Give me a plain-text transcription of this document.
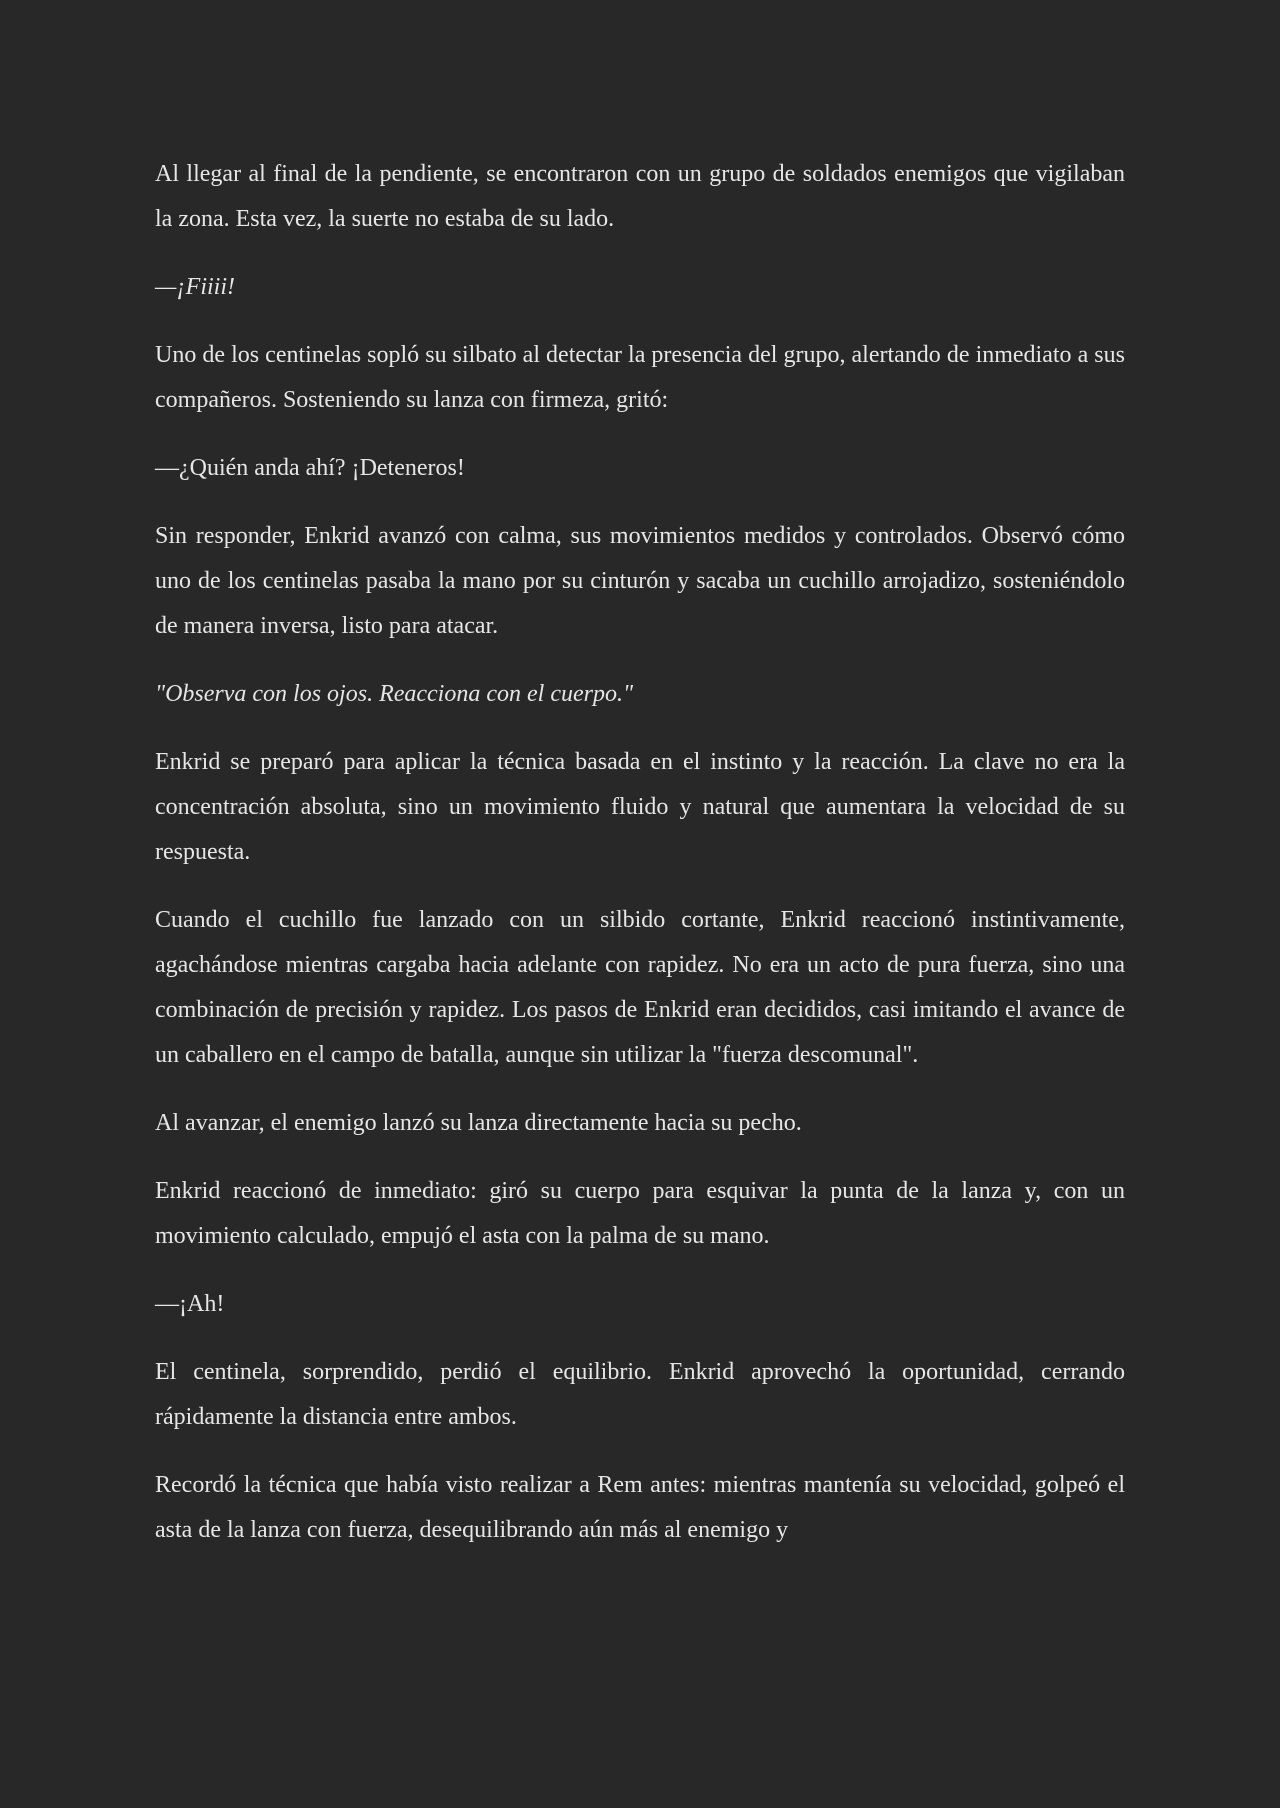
Al llegar al final de la pendiente, se encontraron con un grupo de soldados enemigos que vigilaban la zona. Esta vez, la suerte no estaba de su lado.

—¡Fiiii!

Uno de los centinelas sopló su silbato al detectar la presencia del grupo, alertando de inmediato a sus compañeros. Sosteniendo su lanza con firmeza, gritó:

—¿Quién anda ahí? ¡Deteneros!

Sin responder, Enkrid avanzó con calma, sus movimientos medidos y controlados. Observó cómo uno de los centinelas pasaba la mano por su cinturón y sacaba un cuchillo arrojadizo, sosteniéndolo de manera inversa, listo para atacar.

"Observa con los ojos. Reacciona con el cuerpo."

Enkrid se preparó para aplicar la técnica basada en el instinto y la reacción. La clave no era la concentración absoluta, sino un movimiento fluido y natural que aumentara la velocidad de su respuesta.

Cuando el cuchillo fue lanzado con un silbido cortante, Enkrid reaccionó instintivamente, agachándose mientras cargaba hacia adelante con rapidez. No era un acto de pura fuerza, sino una combinación de precisión y rapidez. Los pasos de Enkrid eran decididos, casi imitando el avance de un caballero en el campo de batalla, aunque sin utilizar la "fuerza descomunal".

Al avanzar, el enemigo lanzó su lanza directamente hacia su pecho.

Enkrid reaccionó de inmediato: giró su cuerpo para esquivar la punta de la lanza y, con un movimiento calculado, empujó el asta con la palma de su mano.

—¡Ah!

El centinela, sorprendido, perdió el equilibrio. Enkrid aprovechó la oportunidad, cerrando rápidamente la distancia entre ambos.

Recordó la técnica que había visto realizar a Rem antes: mientras mantenía su velocidad, golpeó el asta de la lanza con fuerza, desequilibrando aún más al enemigo y
